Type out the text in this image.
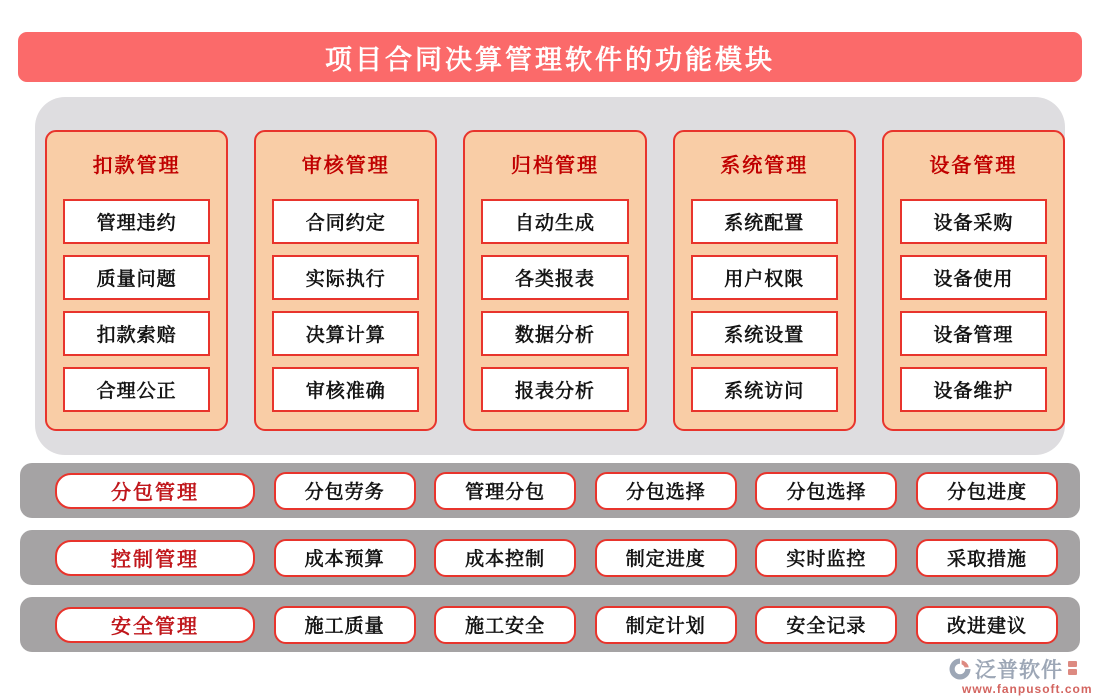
项目合同决算管理软件的功能模块
扣款管理
管理违约
质量问题
扣款索赔
合理公正
审核管理
合同约定
实际执行
决算计算
审核准确
归档管理
自动生成
各类报表
数据分析
报表分析
系统管理
系统配置
用户权限
系统设置
系统访问
设备管理
设备采购
设备使用
设备管理
设备维护
分包管理	分包劳务	管理分包	分包选择	分包选择	分包进度
控制管理	成本预算	成本控制	制定进度	实时监控	采取措施
安全管理	施工质量	施工安全	制定计划	安全记录	改进建议
泛普软件
www.fanpusoft.com
